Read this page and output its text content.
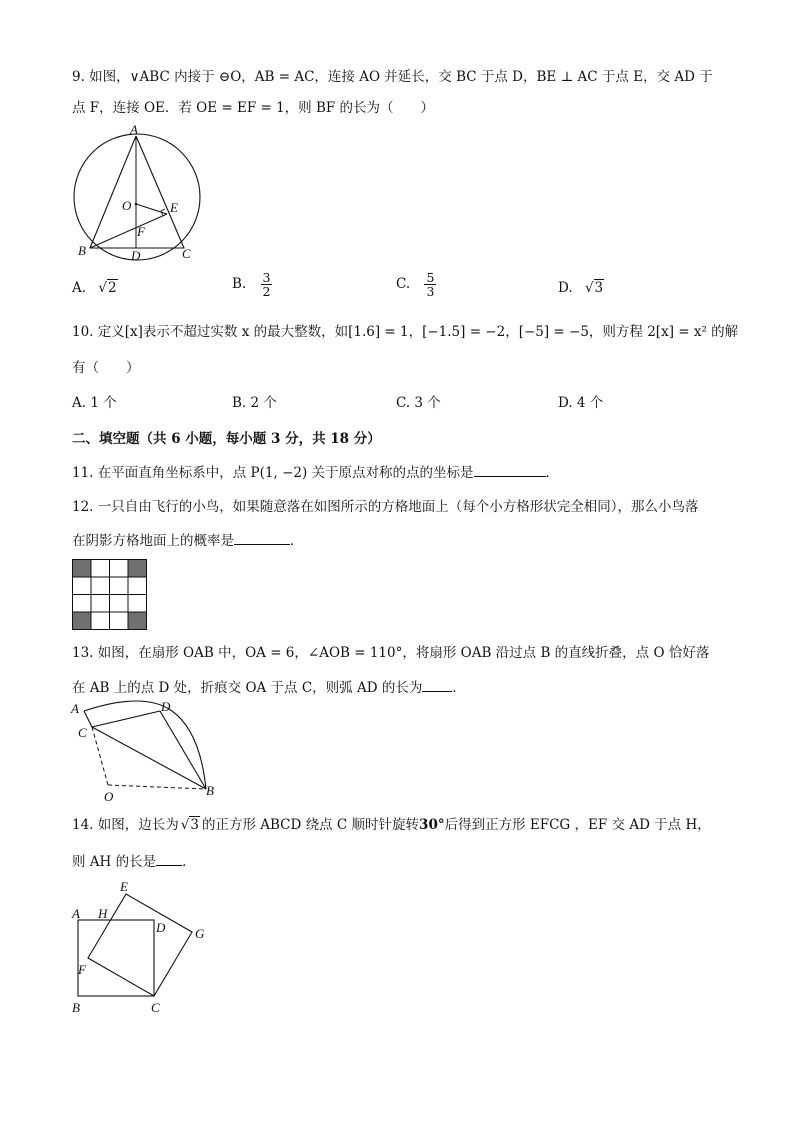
9. 如图，∨ABC 内接于 ⊖O，AB = AC，连接 AO 并延长，交 BC 于点 D，BE ⊥ AC 于点 E，交 AD 于
点 F，连接 OE．若 OE = EF = 1，则 BF 的长为（　　）
A
O	E
F
B	D	C
A. √2	B. $\frac{3}{2}$	C. $\frac{5}{3}$	D. √3
10. 定义[x]表示不超过实数 x 的最大整数，如[1.6] = 1，[−1.5] = −2，[−5] = −5，则方程 2[x] = x² 的解
有（　　）
A. 1 个	B. 2 个	C. 3 个	D. 4 个
二、填空题（共 6 小题，每小题 3 分，共 18 分）
11. 在平面直角坐标系中，点 P(1, −2) 关于原点对称的点的坐标是	．
12. 一只自由飞行的小鸟，如果随意落在如图所示的方格地面上（每个小方格形状完全相同），那么小鸟落
在阴影方格地面上的概率是	．
13. 如图，在扇形 OAB 中，OA = 6，∠AOB = 110°，将扇形 OAB 沿过点 B 的直线折叠，点 O 恰好落
在 AB 上的点 D 处，折痕交 OA 于点 C，则弧 AD 的长为 ．
A	D
C
B
O
14. 如图，边长为 √3 的正方形 ABCD 绕点 C 顺时针旋转30°后得到正方形 EFCG ，EF 交 AD 于点 H，
则 AH 的长是 ．
E
A H
D G
F
B	C
